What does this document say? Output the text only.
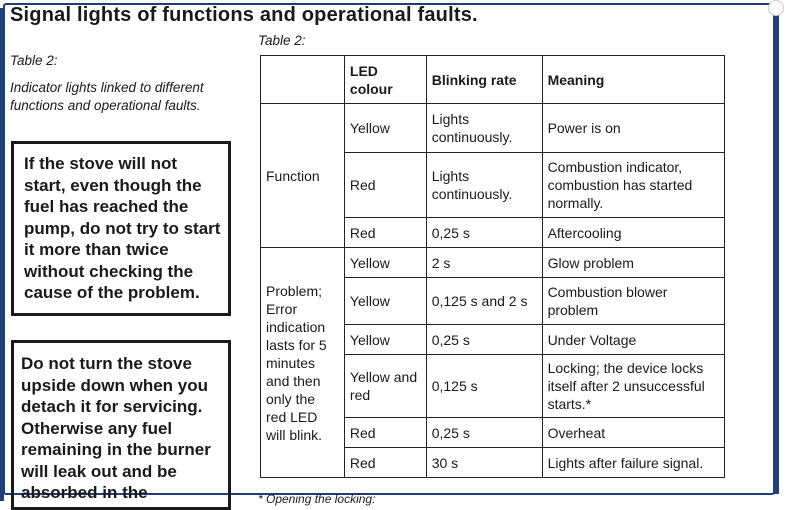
Signal lights of functions and operational faults.
Table 2:
Indicator lights linked to different functions and operational faults.
If the stove will not start, even though the fuel has reached the pump, do not try to start it more than twice without checking the cause of the problem.
Do not turn the stove upside down when you detach it for servicing. Otherwise any fuel remaining in the burner will leak out and be absorbed in the
Table 2:
	LED colour	Blinking rate	Meaning
Function	Yellow	Lights continuously.	Power is on
	Red	Lights continuously.	Combustion indicator, combustion has started normally.
	Red	0,25 s	Aftercooling
Problem; Error indication lasts for 5 minutes and then only the red LED will blink.	Yellow	2 s	Glow problem
	Yellow	0,125 s and 2 s	Combustion blower problem
	Yellow	0,25 s	Under Voltage
	Yellow and red	0,125 s	Locking; the device locks itself after 2 unsuccessful starts.*
	Red	0,25 s	Overheat
	Red	30 s	Lights after failure signal.
* Opening the locking:
